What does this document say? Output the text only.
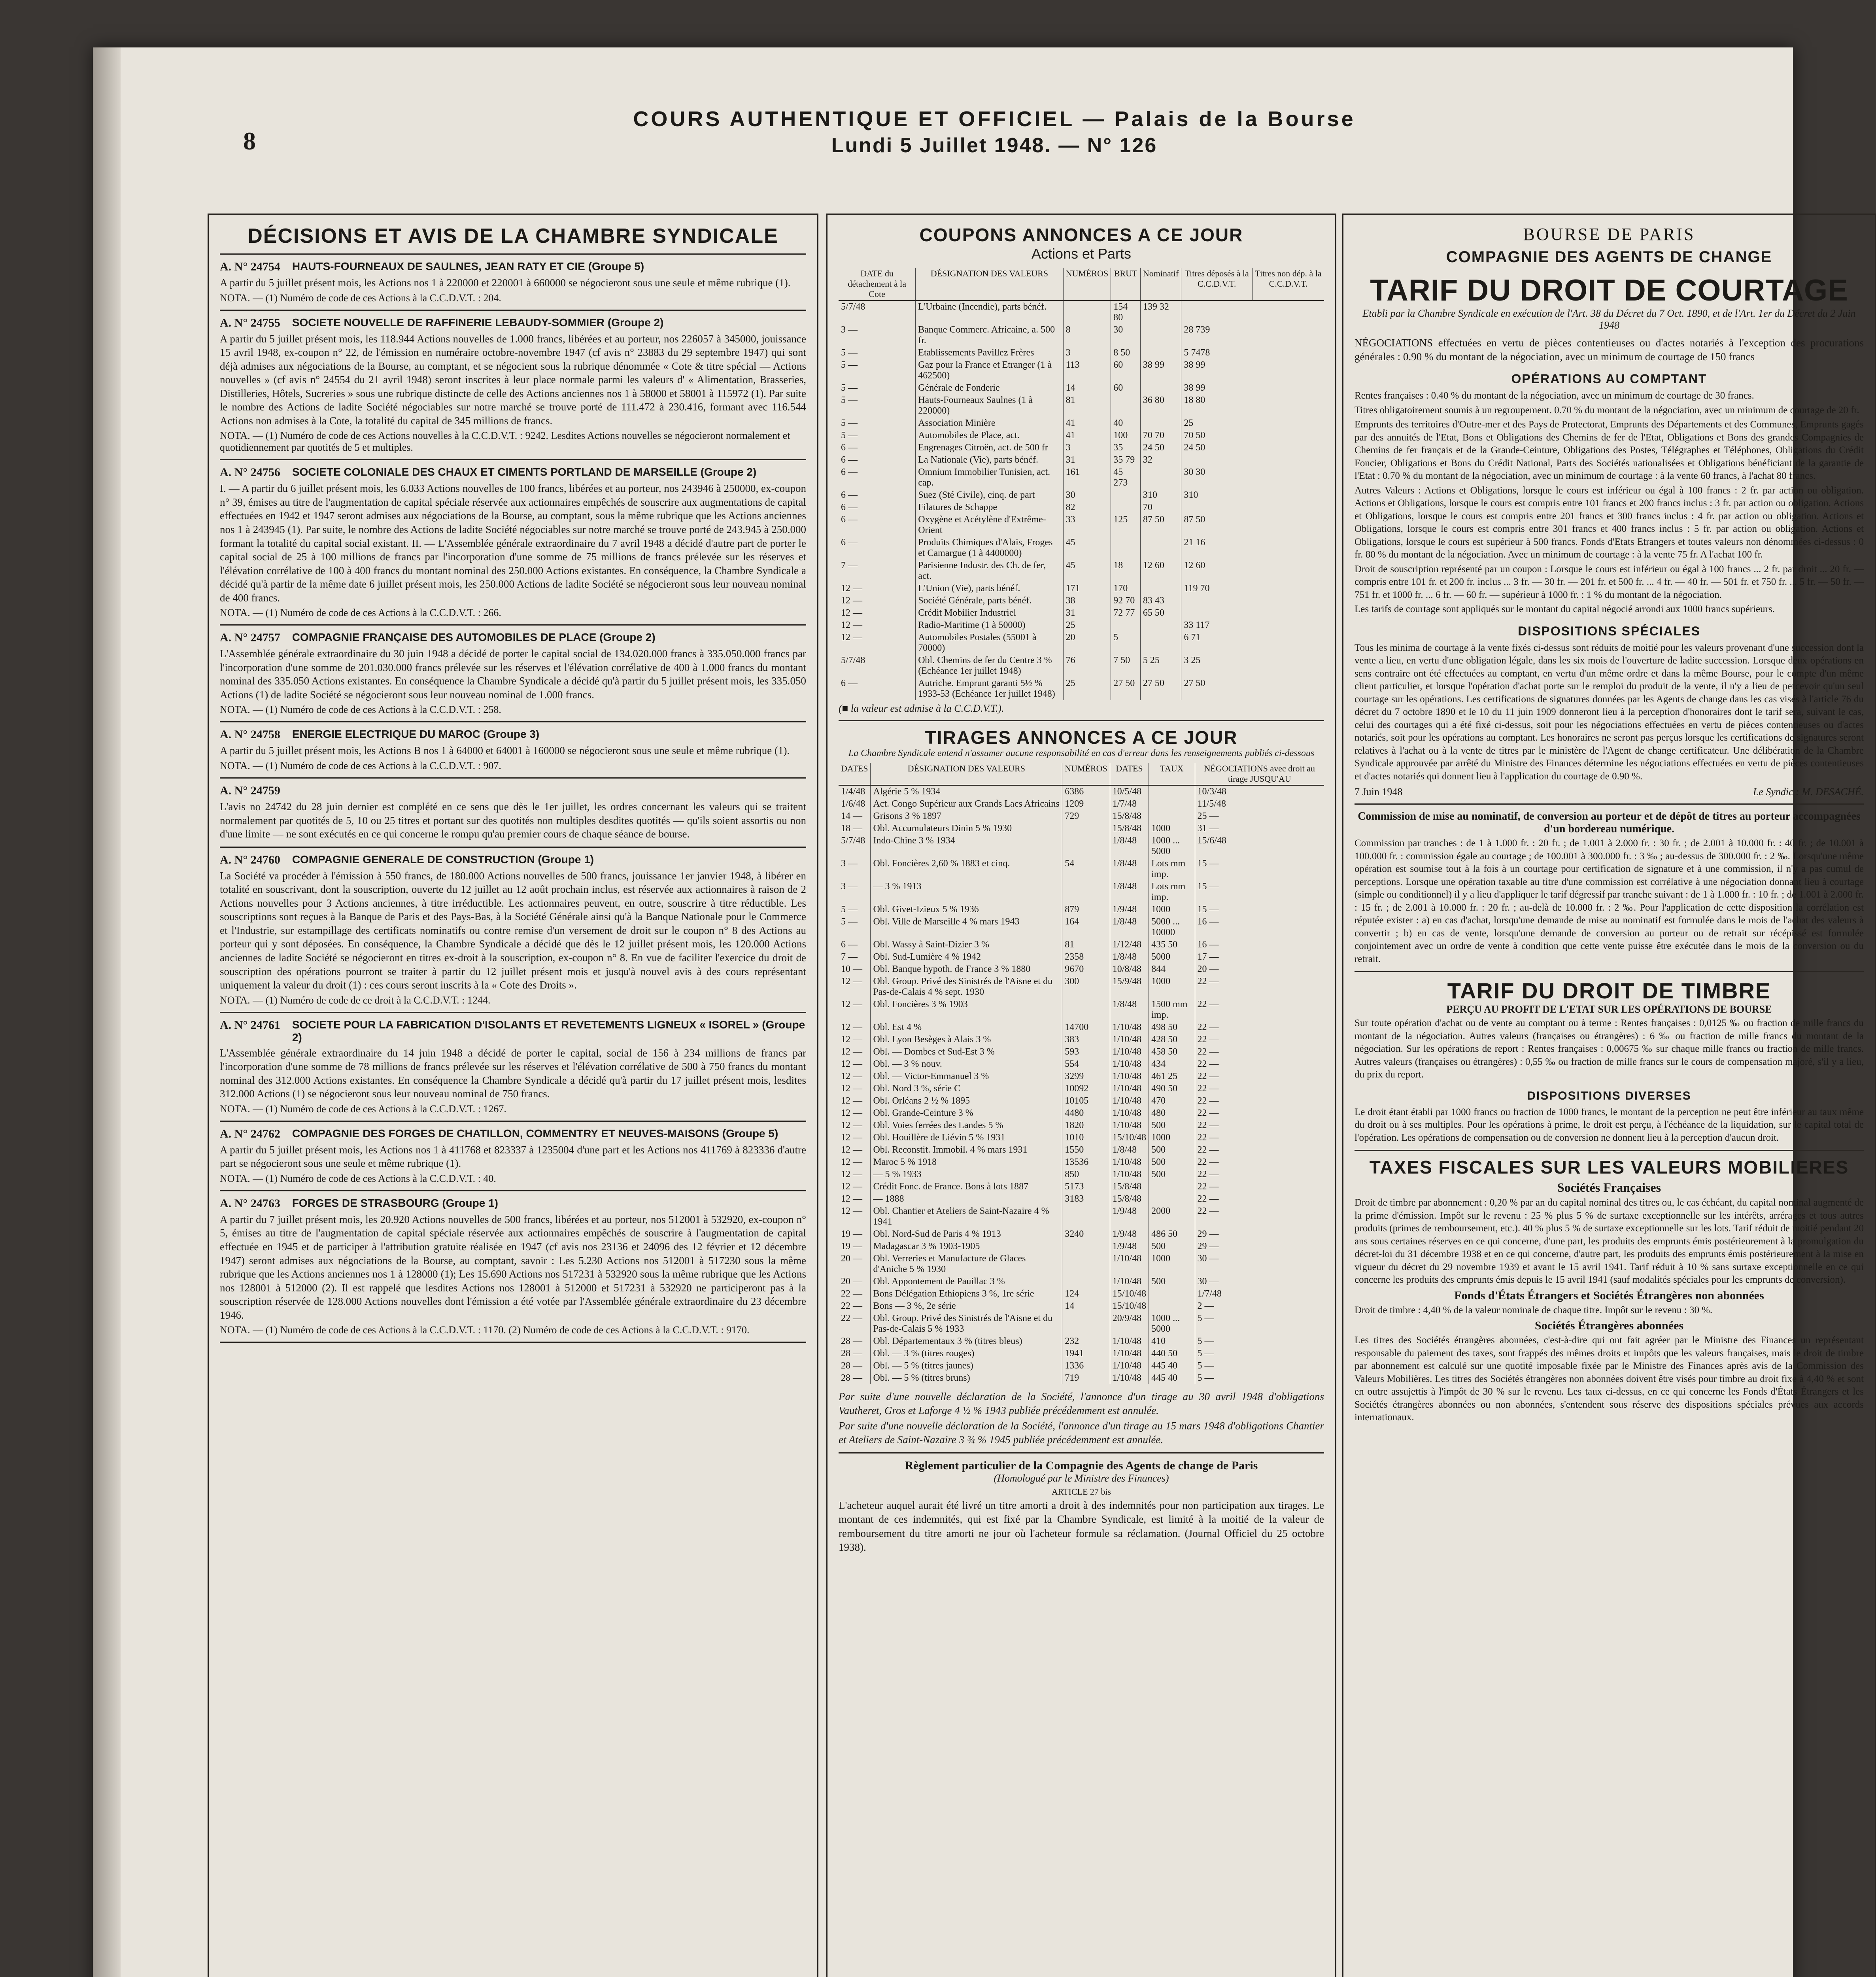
8
COURS AUTHENTIQUE ET OFFICIEL — Palais de la Bourse
Lundi 5 Juillet 1948. — N° 126
DÉCISIONS ET AVIS DE LA CHAMBRE SYNDICALE
A. N° 24754 HAUTS-FOURNEAUX DE SAULNES, JEAN RATY ET CIE (Groupe 5)
A partir du 5 juillet présent mois, les Actions nos 1 à 220000 et 220001 à 660000 se négocieront sous une seule et même rubrique (1).
NOTA. — (1) Numéro de code de ces Actions à la C.C.D.V.T. : 204.
A. N° 24755 SOCIETE NOUVELLE DE RAFFINERIE LEBAUDY-SOMMIER (Groupe 2)
A partir du 5 juillet présent mois, les 118.944 Actions nouvelles de 1.000 francs, libérées et au porteur, nos 226057 à 345000, jouissance 15 avril 1948, ex-coupon n° 22, de l'émission en numéraire octobre-novembre 1947 (cf avis n° 23883 du 29 septembre 1947) qui sont déjà admises aux négociations de la Bourse, au comptant, et se négocient sous la rubrique dénommée « Cote & titre spécial — Actions nouvelles » (cf avis n° 24554 du 21 avril 1948) seront inscrites à leur place normale parmi les valeurs d' « Alimentation, Brasseries, Distilleries, Hôtels, Sucreries » sous une rubrique distincte de celle des Actions anciennes nos 1 à 58000 et 58001 à 115972 (1). Par suite le nombre des Actions de ladite Société négociables sur notre marché se trouve porté de 111.472 à 230.416, formant avec 116.544 Actions non admises à la Cote, la totalité du capital de 345 millions de francs.
NOTA. — (1) Numéro de code de ces Actions nouvelles à la C.C.D.V.T. : 9242. Lesdites Actions nouvelles se négocieront normalement et quotidiennement par quotités de 5 et multiples.
A. N° 24756 SOCIETE COLONIALE DES CHAUX ET CIMENTS PORTLAND DE MARSEILLE (Groupe 2)
I. — A partir du 6 juillet présent mois, les 6.033 Actions nouvelles de 100 francs, libérées et au porteur, nos 243946 à 250000, ex-coupon n° 39, émises au titre de l'augmentation de capital spéciale réservée aux actionnaires empêchés de souscrire aux augmentations de capital effectuées en 1942 et 1947 seront admises aux négociations de la Bourse, au comptant, sous la même rubrique que les Actions anciennes nos 1 à 243945 (1). Par suite, le nombre des Actions de ladite Société négociables sur notre marché se trouve porté de 243.945 à 250.000 formant la totalité du capital social existant. II. — L'Assemblée générale extraordinaire du 7 avril 1948 a décidé d'autre part de porter le capital social de 25 à 100 millions de francs par l'incorporation d'une somme de 75 millions de francs prélevée sur les réserves et l'élévation corrélative de 100 à 400 francs du montant nominal des 250.000 Actions existantes. En conséquence, la Chambre Syndicale a décidé qu'à partir de la même date 6 juillet présent mois, les 250.000 Actions de ladite Société se négocieront sous leur nouveau nominal de 400 francs.
NOTA. — (1) Numéro de code de ces Actions à la C.C.D.V.T. : 266.
A. N° 24757 COMPAGNIE FRANÇAISE DES AUTOMOBILES DE PLACE (Groupe 2)
L'Assemblée générale extraordinaire du 30 juin 1948 a décidé de porter le capital social de 134.020.000 francs à 335.050.000 francs par l'incorporation d'une somme de 201.030.000 francs prélevée sur les réserves et l'élévation corrélative de 400 à 1.000 francs du montant nominal des 335.050 Actions existantes. En conséquence la Chambre Syndicale a décidé qu'à partir du 5 juillet présent mois, les 335.050 Actions (1) de ladite Société se négocieront sous leur nouveau nominal de 1.000 francs.
NOTA. — (1) Numéro de code de ces Actions à la C.C.D.V.T. : 258.
A. N° 24758 ENERGIE ELECTRIQUE DU MAROC (Groupe 3)
A partir du 5 juillet présent mois, les Actions B nos 1 à 64000 et 64001 à 160000 se négocieront sous une seule et même rubrique (1).
NOTA. — (1) Numéro de code de ces Actions à la C.C.D.V.T. : 907.
A. N° 24759
L'avis no 24742 du 28 juin dernier est complété en ce sens que dès le 1er juillet, les ordres concernant les valeurs qui se traitent normalement par quotités de 5, 10 ou 25 titres et portant sur des quotités non multiples desdites quotités — qu'ils soient assortis ou non d'une limite — ne sont exécutés en ce qui concerne le rompu qu'au premier cours de chaque séance de bourse.
A. N° 24760 COMPAGNIE GENERALE DE CONSTRUCTION (Groupe 1)
La Société va procéder à l'émission à 550 francs, de 180.000 Actions nouvelles de 500 francs, jouissance 1er janvier 1948, à libérer en totalité en souscrivant, dont la souscription, ouverte du 12 juillet au 12 août prochain inclus, est réservée aux actionnaires à raison de 2 Actions nouvelles pour 3 Actions anciennes, à titre irréductible. Les actionnaires peuvent, en outre, souscrire à titre réductible. Les souscriptions sont reçues à la Banque de Paris et des Pays-Bas, à la Société Générale ainsi qu'à la Banque Nationale pour le Commerce et l'Industrie, sur estampillage des certificats nominatifs ou contre remise d'un versement de droit sur le coupon n° 8 des Actions au porteur qui y sont déposées. En conséquence, la Chambre Syndicale a décidé que dès le 12 juillet présent mois, les 120.000 Actions anciennes de ladite Société se négocieront en titres ex-droit à la souscription, ex-coupon n° 8. En vue de faciliter l'exercice du droit de souscription des opérations pourront se traiter à partir du 12 juillet présent mois et jusqu'à nouvel avis à des cours représentant uniquement la valeur du droit (1) : ces cours seront inscrits à la « Cote des Droits ».
NOTA. — (1) Numéro de code de ce droit à la C.C.D.V.T. : 1244.
A. N° 24761 SOCIETE POUR LA FABRICATION D'ISOLANTS ET REVETEMENTS LIGNEUX « ISOREL » (Groupe 2)
L'Assemblée générale extraordinaire du 14 juin 1948 a décidé de porter le capital, social de 156 à 234 millions de francs par l'incorporation d'une somme de 78 millions de francs prélevée sur les réserves et l'élévation corrélative de 500 à 750 francs du montant nominal des 312.000 Actions existantes. En conséquence la Chambre Syndicale a décidé qu'à partir du 17 juillet présent mois, lesdites 312.000 Actions (1) se négocieront sous leur nouveau nominal de 750 francs.
NOTA. — (1) Numéro de code de ces Actions à la C.C.D.V.T. : 1267.
A. N° 24762 COMPAGNIE DES FORGES DE CHATILLON, COMMENTRY ET NEUVES-MAISONS (Groupe 5)
A partir du 5 juillet présent mois, les Actions nos 1 à 411768 et 823337 à 1235004 d'une part et les Actions nos 411769 à 823336 d'autre part se négocieront sous une seule et même rubrique (1).
NOTA. — (1) Numéro de code de ces Actions à la C.C.D.V.T. : 40.
A. N° 24763 FORGES DE STRASBOURG (Groupe 1)
A partir du 7 juillet présent mois, les 20.920 Actions nouvelles de 500 francs, libérées et au porteur, nos 512001 à 532920, ex-coupon n° 5, émises au titre de l'augmentation de capital spéciale réservée aux actionnaires empêchés de souscrire à l'augmentation de capital effectuée en 1945 et de participer à l'attribution gratuite réalisée en 1947 (cf avis nos 23136 et 24096 des 12 février et 12 décembre 1947) seront admises aux négociations de la Bourse, au comptant, savoir : Les 5.230 Actions nos 512001 à 517230 sous la même rubrique que les Actions anciennes nos 1 à 128000 (1); Les 15.690 Actions nos 517231 à 532920 sous la même rubrique que les Actions nos 128001 à 512000 (2). Il est rappelé que lesdites Actions nos 128001 à 512000 et 517231 à 532920 ne participeront pas à la souscription réservée de 128.000 Actions nouvelles dont l'émission a été votée par l'Assemblée générale extraordinaire du 23 décembre 1946.
NOTA. — (1) Numéro de code de ces Actions à la C.C.D.V.T. : 1170. (2) Numéro de code de ces Actions à la C.C.D.V.T. : 9170.
COUPONS ANNONCES A CE JOUR
Actions et Parts
DATE du détachement à la Cote	DÉSIGNATION DES VALEURS	NUMÉROS	BRUT	Nominatif	Titres déposés à la C.C.D.V.T.	Titres non dép. à la C.C.D.V.T.
5/7/48	L'Urbaine (Incendie), parts bénéf.		154 80	139 32		
3 —	Banque Commerc. Africaine, a. 500 fr.	8	30		28 739	
5 —	Etablissements Pavillez Frères	3	8 50		5 7478	
5 —	Gaz pour la France et Etranger (1 à 462500)	113	60	38 99	38 99	
5 —	Générale de Fonderie	14	60		38 99	
5 —	Hauts-Fourneaux Saulnes (1 à 220000)	81		36 80	18 80	
5 —	Association Minière	41	40		25	
5 —	Automobiles de Place, act.	41	100	70 70	70 50	
6 —	Engrenages Citroën, act. de 500 fr	3	35	24 50	24 50	
6 —	La Nationale (Vie), parts bénéf.	31	35 79	32		
6 —	Omnium Immobilier Tunisien, act. cap.	161	45 273		30 30	
6 —	Suez (Sté Civile), cinq. de part	30		310	310	
6 —	Filatures de Schappe	82		70		
6 —	Oxygène et Acétylène d'Extrême-Orient	33	125	87 50	87 50	
6 —	Produits Chimiques d'Alais, Froges et Camargue (1 à 4400000)	45			21 16	
7 —	Parisienne Industr. des Ch. de fer, act.	45	18	12 60	12 60	
12 —	L'Union (Vie), parts bénéf.	171	170		119 70	
12 —	Société Générale, parts bénéf.	38	92 70	83 43		
12 —	Crédit Mobilier Industriel	31	72 77	65 50		
12 —	Radio-Maritime (1 à 50000)	25			33 117	
12 —	Automobiles Postales (55001 à 70000)	20	5		6 71	
5/7/48	Obl. Chemins de fer du Centre 3 % (Echéance 1er juillet 1948)	76	7 50	5 25	3 25	
6 —	Autriche. Emprunt garanti 5½ % 1933-53 (Echéance 1er juillet 1948)	25	27 50	27 50	27 50	
(■ la valeur est admise à la C.C.D.V.T.).
TIRAGES ANNONCES A CE JOUR
La Chambre Syndicale entend n'assumer aucune responsabilité en cas d'erreur dans les renseignements publiés ci-dessous
DATES	DÉSIGNATION DES VALEURS	NUMÉROS	DATES	TAUX	NÉGOCIATIONS avec droit au tirage JUSQU'AU
1/4/48	Algérie 5 % 1934	6386	10/5/48		10/3/48
1/6/48	Act. Congo Supérieur aux Grands Lacs Africains	1209	1/7/48		11/5/48
14 —	Grisons 3 % 1897	729	15/8/48		25 —
18 —	Obl. Accumulateurs Dinin 5 % 1930		15/8/48	1000	31 —
5/7/48	Indo-Chine 3 % 1934		1/8/48	1000 ... 5000	15/6/48
3 —	Obl. Foncières 2,60 % 1883 et cinq.	54	1/8/48	Lots mm imp.	15 —
3 —	— 3 % 1913		1/8/48	Lots mm imp.	15 —
5 —	Obl. Givet-Izieux 5 % 1936	879	1/9/48	1000	15 —
5 —	Obl. Ville de Marseille 4 % mars 1943	164	1/8/48	5000 ... 10000	16 —
6 —	Obl. Wassy à Saint-Dizier 3 %	81	1/12/48	435 50	16 —
7 —	Obl. Sud-Lumière 4 % 1942	2358	1/8/48	5000	17 —
10 —	Obl. Banque hypoth. de France 3 % 1880	9670	10/8/48	844	20 —
12 —	Obl. Group. Privé des Sinistrés de l'Aisne et du Pas-de-Calais 4 % sept. 1930	300	15/9/48	1000	22 —
12 —	Obl. Foncières 3 % 1903		1/8/48	1500 mm imp.	22 —
12 —	Obl. Est 4 %	14700	1/10/48	498 50	22 —
12 —	Obl. Lyon Besèges à Alais 3 %	383	1/10/48	428 50	22 —
12 —	Obl. — Dombes et Sud-Est 3 %	593	1/10/48	458 50	22 —
12 —	Obl. — 3 % nouv.	554	1/10/48	434	22 —
12 —	Obl. — Victor-Emmanuel 3 %	3299	1/10/48	461 25	22 —
12 —	Obl. Nord 3 %, série C	10092	1/10/48	490 50	22 —
12 —	Obl. Orléans 2 ½ % 1895	10105	1/10/48	470	22 —
12 —	Obl. Grande-Ceinture 3 %	4480	1/10/48	480	22 —
12 —	Obl. Voies ferrées des Landes 5 %	1820	1/10/48	500	22 —
12 —	Obl. Houillère de Liévin 5 % 1931	1010	15/10/48	1000	22 —
12 —	Obl. Reconstit. Immobil. 4 % mars 1931	1550	1/8/48	500	22 —
12 —	Maroc 5 % 1918	13536	1/10/48	500	22 —
12 —	— 5 % 1933	850	1/10/48	500	22 —
12 —	Crédit Fonc. de France. Bons à lots 1887	5173	15/8/48		22 —
12 —	— 1888	3183	15/8/48		22 —
12 —	Obl. Chantier et Ateliers de Saint-Nazaire 4 % 1941		1/9/48	2000	22 —
19 —	Obl. Nord-Sud de Paris 4 % 1913	3240	1/9/48	486 50	29 —
19 —	Madagascar 3 % 1903-1905		1/9/48	500	29 —
20 —	Obl. Verreries et Manufacture de Glaces d'Aniche 5 % 1930		1/10/48	1000	30 —
20 —	Obl. Appontement de Pauillac 3 %		1/10/48	500	30 —
22 —	Bons Délégation Ethiopiens 3 %, 1re série	124	15/10/48		1/7/48
22 —	Bons — 3 %, 2e série	14	15/10/48		2 —
22 —	Obl. Group. Privé des Sinistrés de l'Aisne et du Pas-de-Calais 5 % 1933		20/9/48	1000 ... 5000	5 —
28 —	Obl. Départementaux 3 % (titres bleus)	232	1/10/48	410	5 —
28 —	Obl. — 3 % (titres rouges)	1941	1/10/48	440 50	5 —
28 —	Obl. — 5 % (titres jaunes)	1336	1/10/48	445 40	5 —
28 —	Obl. — 5 % (titres bruns)	719	1/10/48	445 40	5 —
Par suite d'une nouvelle déclaration de la Société, l'annonce d'un tirage au 30 avril 1948 d'obligations Vautheret, Gros et Laforge 4 ½ % 1943 publiée précédemment est annulée.
Par suite d'une nouvelle déclaration de la Société, l'annonce d'un tirage au 15 mars 1948 d'obligations Chantier et Ateliers de Saint-Nazaire 3 ¾ % 1945 publiée précédemment est annulée.
Règlement particulier de la Compagnie des Agents de change de Paris
(Homologué par le Ministre des Finances)
ARTICLE 27 bis
L'acheteur auquel aurait été livré un titre amorti a droit à des indemnités pour non participation aux tirages. Le montant de ces indemnités, qui est fixé par la Chambre Syndicale, est limité à la moitié de la valeur de remboursement du titre amorti ne jour où l'acheteur formule sa réclamation. (Journal Officiel du 25 octobre 1938).
BOURSE DE PARIS
COMPAGNIE DES AGENTS DE CHANGE
TARIF DU DROIT DE COURTAGE
Etabli par la Chambre Syndicale en exécution de l'Art. 38 du Décret du 7 Oct. 1890, et de l'Art. 1er du Décret du 2 Juin 1948
NÉGOCIATIONS effectuées en vertu de pièces contentieuses ou d'actes notariés à l'exception des procurations générales : 0.90 % du montant de la négociation, avec un minimum de courtage de 150 francs
OPÉRATIONS AU COMPTANT
Rentes françaises : 0.40 % du montant de la négociation, avec un minimum de courtage de 30 francs.
Titres obligatoirement soumis à un regroupement. 0.70 % du montant de la négociation, avec un minimum de courtage de 20 fr.
Emprunts des territoires d'Outre-mer et des Pays de Protectorat, Emprunts des Départements et des Communes, Emprunts gagés par des annuités de l'Etat, Bons et Obligations des Chemins de fer de l'Etat, Obligations et Bons des grandes Compagnies de Chemins de fer français et de la Grande-Ceinture, Obligations des Postes, Télégraphes et Téléphones, Obligations du Crédit Foncier, Obligations et Bons du Crédit National, Parts des Sociétés nationalisées et Obligations bénéficiant de la garantie de l'Etat : 0.70 % du montant de la négociation, avec un minimum de courtage : à la vente 60 francs, à l'achat 80 francs.
Autres Valeurs : Actions et Obligations, lorsque le cours est inférieur ou égal à 100 francs : 2 fr. par action ou obligation. Actions et Obligations, lorsque le cours est compris entre 101 francs et 200 francs inclus : 3 fr. par action ou obligation. Actions et Obligations, lorsque le cours est compris entre 201 francs et 300 francs inclus : 4 fr. par action ou obligation. Actions et Obligations, lorsque le cours est compris entre 301 francs et 400 francs inclus : 5 fr. par action ou obligation. Actions et Obligations, lorsque le cours est supérieur à 500 francs. Fonds d'Etats Etrangers et toutes valeurs non dénommées ci-dessus : 0 fr. 80 % du montant de la négociation. Avec un minimum de courtage : à la vente 75 fr. A l'achat 100 fr.
Droit de souscription représenté par un coupon : Lorsque le cours est inférieur ou égal à 100 francs ... 2 fr. par droit ... 20 fr. — compris entre 101 fr. et 200 fr. inclus ... 3 fr. — 30 fr. — 201 fr. et 500 fr. ... 4 fr. — 40 fr. — 501 fr. et 750 fr. ... 5 fr. — 50 fr. — 751 fr. et 1000 fr. ... 6 fr. — 60 fr. — supérieur à 1000 fr. : 1 % du montant de la négociation.
Les tarifs de courtage sont appliqués sur le montant du capital négocié arrondi aux 1000 francs supérieurs.
DISPOSITIONS SPÉCIALES
Tous les minima de courtage à la vente fixés ci-dessus sont réduits de moitié pour les valeurs provenant d'une succession dont la vente a lieu, en vertu d'une obligation légale, dans les six mois de l'ouverture de ladite succession. Lorsque deux opérations en sens contraire ont été effectuées au comptant, en vertu d'un même ordre et dans la même Bourse, pour le compte d'un même client particulier, et lorsque l'opération d'achat porte sur le remploi du produit de la vente, il n'y a lieu de percevoir qu'un seul courtage sur les opérations. Les certifications de signatures données par les Agents de change dans les cas visés à l'article 76 du décret du 7 octobre 1890 et le 10 du 11 juin 1909 donneront lieu à la perception d'honoraires dont le tarif sera, suivant le cas, celui des courtages qui a été fixé ci-dessus, soit pour les négociations effectuées en vertu de pièces contentieuses ou d'actes notariés, soit pour les opérations au comptant. Les honoraires ne seront pas perçus lorsque les certifications de signatures seront relatives à l'achat ou à la vente de titres par le ministère de l'Agent de change certificateur. Une délibération de la Chambre Syndicale approuvée par arrêté du Ministre des Finances détermine les négociations effectuées en vertu de pièces contentieuses et d'actes notariés qui donnent lieu à l'application du courtage de 0.90 %.
7 Juin 1948	Le Syndic : M. DESACHÉ.
Commission de mise au nominatif, de conversion au porteur et de dépôt de titres au porteur accompagnées d'un bordereau numérique.
Commission par tranches : de 1 à 1.000 fr. : 20 fr. ; de 1.001 à 2.000 fr. : 30 fr. ; de 2.001 à 10.000 fr. : 40 fr. ; de 10.001 à 100.000 fr. : commission égale au courtage ; de 100.001 à 300.000 fr. : 3 ‰ ; au-dessus de 300.000 fr. : 2 ‰. Lorsqu'une même opération est soumise tout à la fois à un courtage pour certification de signature et à une commission, il n'y a pas cumul de perceptions. Lorsque une opération taxable au titre d'une commission est corrélative à une négociation donnant lieu à courtage (simple ou conditionnel) il y a lieu d'appliquer le tarif dégressif par tranche suivant : de 1 à 1.000 fr. : 10 fr. ; de 1.001 à 2.000 fr. : 15 fr. ; de 2.001 à 10.000 fr. : 20 fr. ; au-delà de 10.000 fr. : 2 ‰. Pour l'application de cette disposition la corrélation est réputée exister : a) en cas d'achat, lorsqu'une demande de mise au nominatif est formulée dans le mois de l'achat des valeurs à convertir ; b) en cas de vente, lorsqu'une demande de conversion au porteur ou de retrait sur récépissé est formulée conjointement avec un ordre de vente à condition que cette vente puisse être exécutée dans le mois de la conversion ou du retrait.
TARIF DU DROIT DE TIMBRE
PERÇU AU PROFIT DE L'ETAT SUR LES OPÉRATIONS DE BOURSE
Sur toute opération d'achat ou de vente au comptant ou à terme : Rentes françaises : 0,0125 ‰ ou fraction de mille francs du montant de la négociation. Autres valeurs (françaises ou étrangères) : 6 ‰ ou fraction de mille francs du montant de la négociation. Sur les opérations de report : Rentes françaises : 0,00675 ‰ sur chaque mille francs ou fraction de mille francs. Autres valeurs (françaises ou étrangères) : 0,55 ‰ ou fraction de mille francs sur le cours de compensation majoré, s'il y a lieu, du prix du report.
DISPOSITIONS DIVERSES
Le droit étant établi par 1000 francs ou fraction de 1000 francs, le montant de la perception ne peut être inférieur au taux même du droit ou à ses multiples. Pour les opérations à prime, le droit est perçu, à l'échéance de la liquidation, sur le capital total de l'opération. Les opérations de compensation ou de conversion ne donnent lieu à la perception d'aucun droit.
TAXES FISCALES SUR LES VALEURS MOBILIERES
Sociétés Françaises
Droit de timbre par abonnement : 0,20 % par an du capital nominal des titres ou, le cas échéant, du capital nominal augmenté de la prime d'émission. Impôt sur le revenu : 25 % plus 5 % de surtaxe exceptionnelle sur les intérêts, arrérages et tous autres produits (primes de remboursement, etc.). 40 % plus 5 % de surtaxe exceptionnelle sur les lots. Tarif réduit de moitié pendant 20 ans sous certaines réserves en ce qui concerne, d'une part, les produits des emprunts émis postérieurement à la promulgation du décret-loi du 31 décembre 1938 et en ce qui concerne, d'autre part, les produits des emprunts émis postérieurement à la mise en vigueur du décret du 29 novembre 1939 et avant le 15 avril 1941. Tarif réduit à 10 % sans surtaxe exceptionnelle en ce qui concerne les produits des emprunts émis depuis le 15 avril 1941 (sauf modalités spéciales pour les emprunts de conversion).
Fonds d'États Étrangers et Sociétés Étrangères non abonnées
Droit de timbre : 4,40 % de la valeur nominale de chaque titre. Impôt sur le revenu : 30 %.
Sociétés Étrangères abonnées
Les titres des Sociétés étrangères abonnées, c'est-à-dire qui ont fait agréer par le Ministre des Finances un représentant responsable du paiement des taxes, sont frappés des mêmes droits et impôts que les valeurs françaises, mais le droit de timbre par abonnement est calculé sur une quotité imposable fixée par le Ministre des Finances après avis de la Commission des Valeurs Mobilières. Les titres des Sociétés étrangères non abonnées doivent être visés pour timbre au droit fixe à 4,40 % et sont en outre assujettis à l'impôt de 30 % sur le revenu. Les taux ci-dessus, en ce qui concerne les Fonds d'États Étrangers et les Sociétés étrangères abonnées ou non abonnées, s'entendent sous réserve des dispositions spéciales prévues aux accords internationaux.
